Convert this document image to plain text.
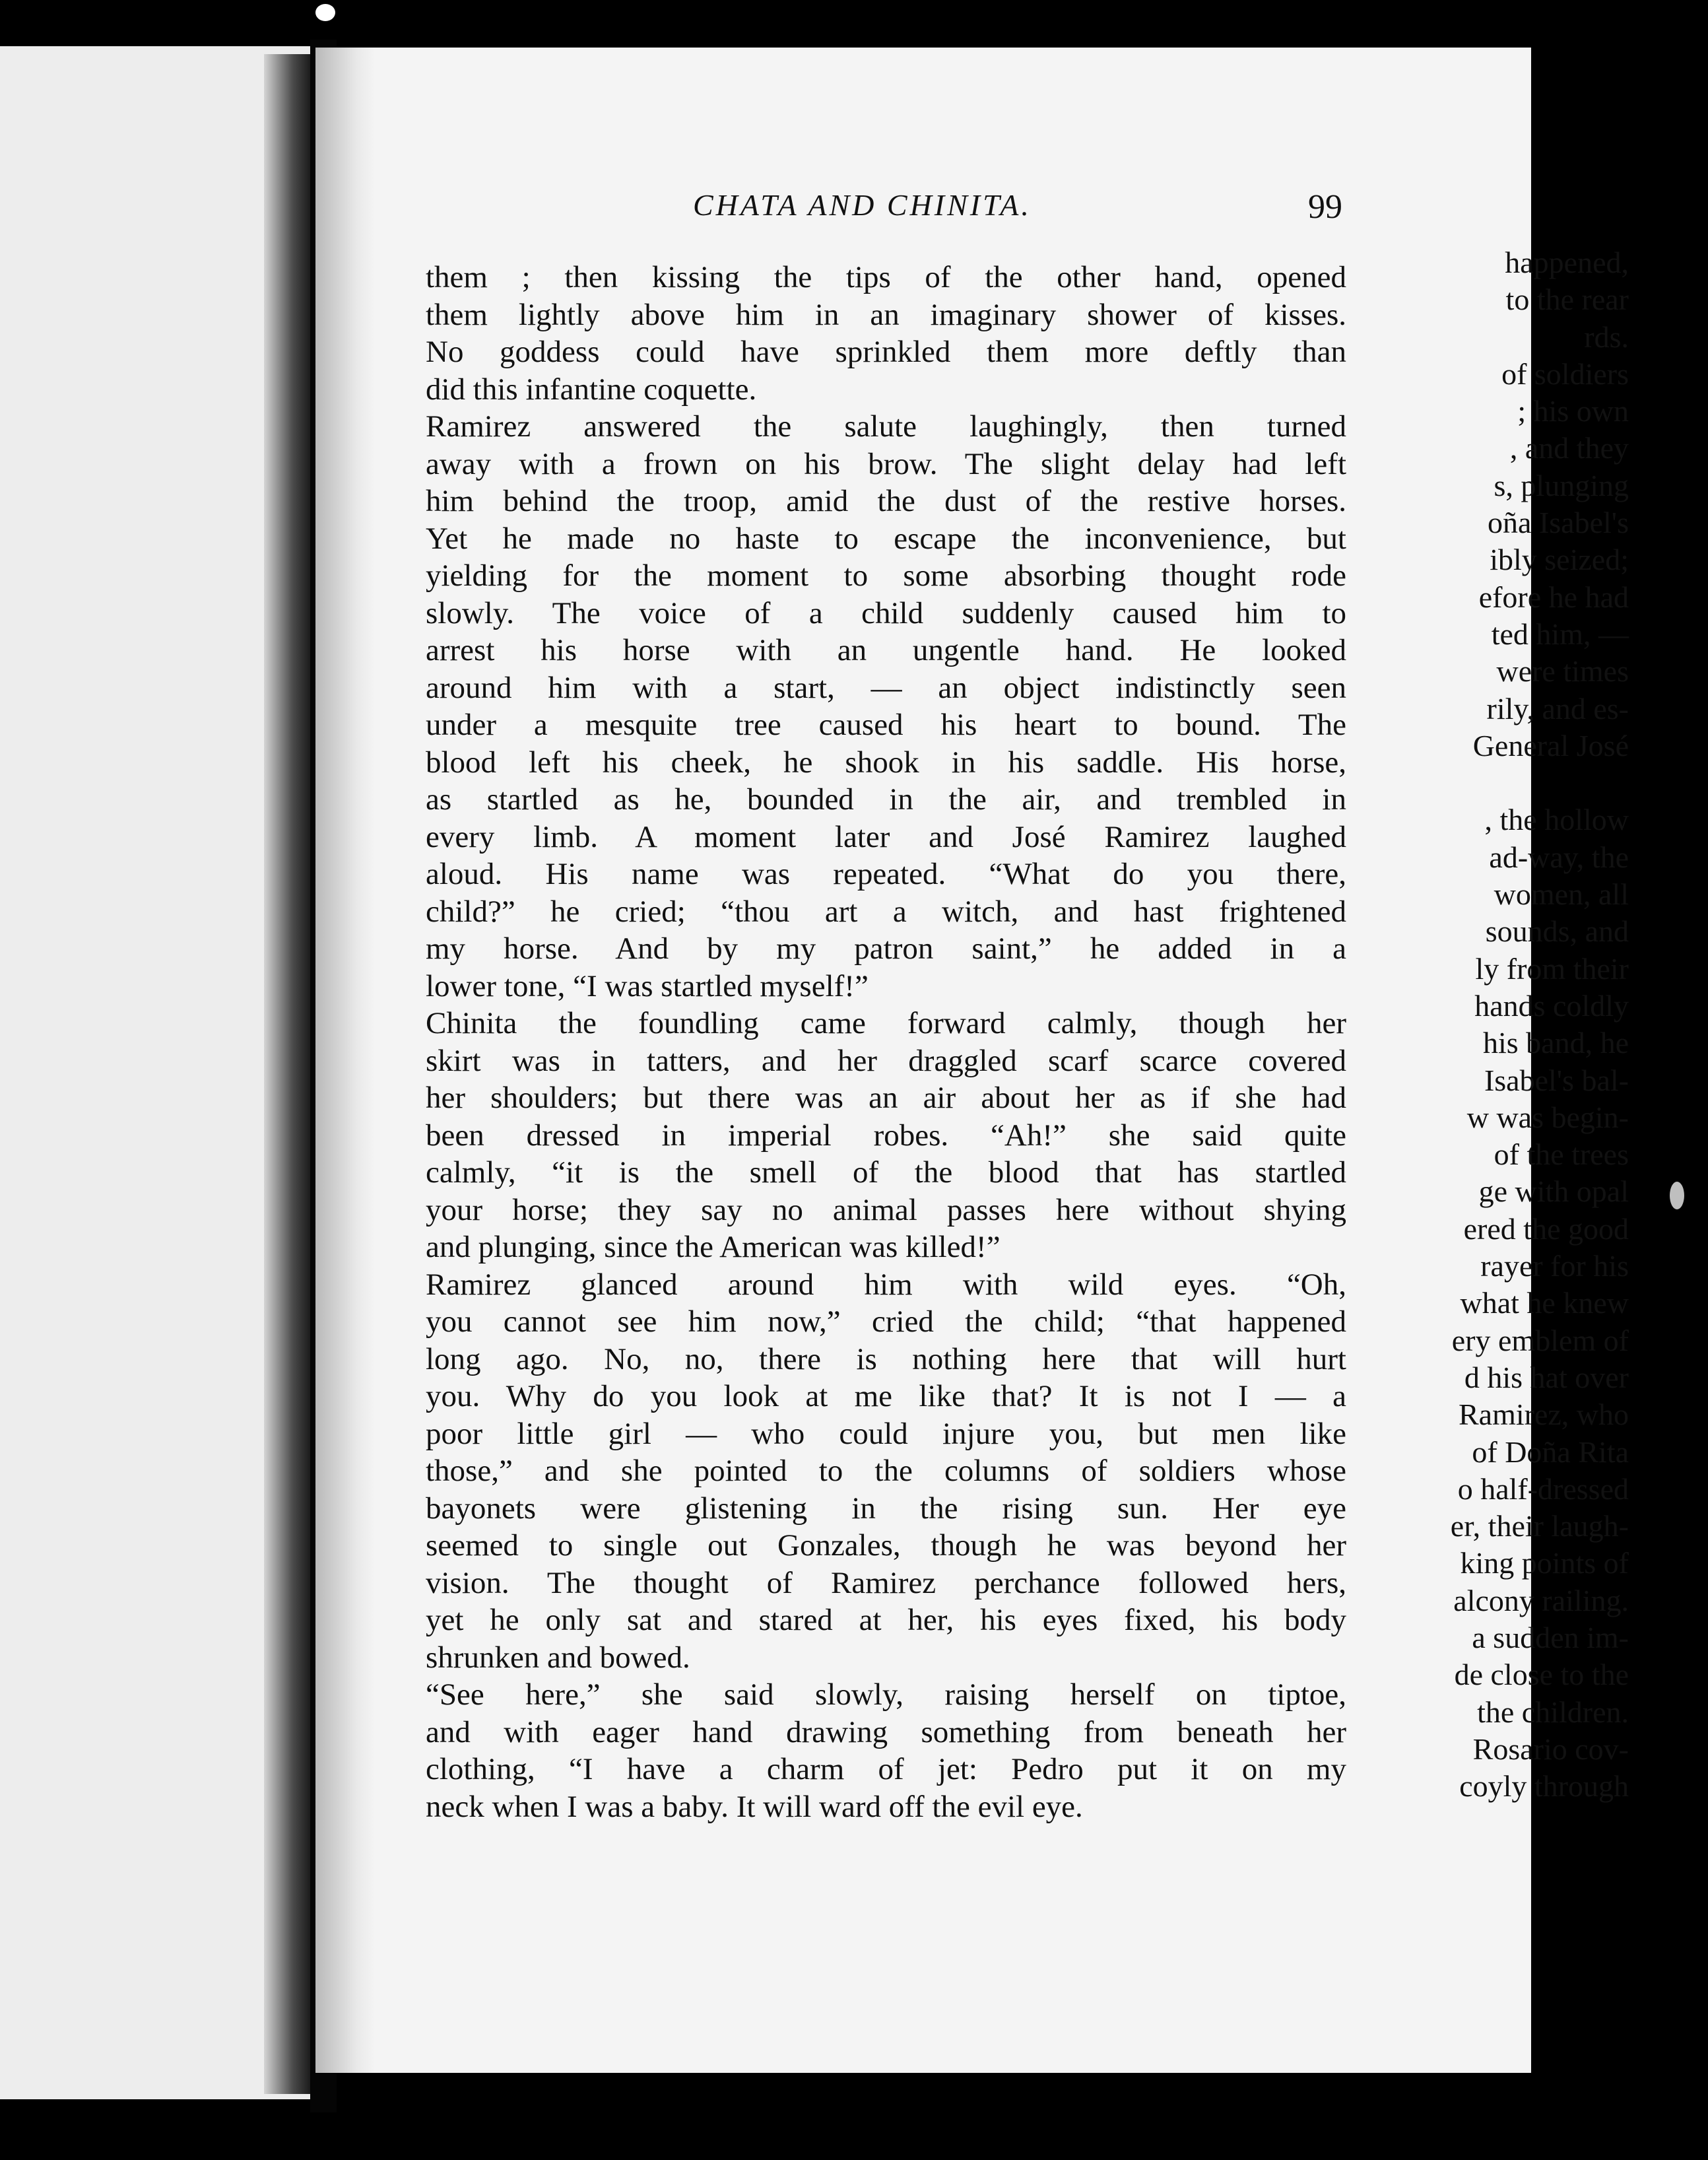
happened,
to the rear
rds.
of soldiers
; his own
, and they
s, plunging
oña Isabel's
ibly seized;
efore he had
ted him, —
were times
rily, and es-
General José
, the hollow
ad-way, the
women, all
sounds, and
ly from their
hands coldly
his band, he
Isabel's bal-
w was begin-
of the trees
ge with opal
ered the good
rayer for his
what he knew
ery emblem of
d his hat over
Ramirez, who
of Doña Rita
o half-dressed
er, their laugh-
king points of
alcony railing.
a sudden im-
de close to the
the children.
Rosario cov-
coyly through
CHATA AND CHINITA.	99
them ; then kissing the tips of the other hand, opened
them lightly above him in an imaginary shower of kisses.
No goddess could have sprinkled them more deftly than
did this infantine coquette.
Ramirez answered the salute laughingly, then turned
away with a frown on his brow. The slight delay had left
him behind the troop, amid the dust of the restive horses.
Yet he made no haste to escape the inconvenience, but
yielding for the moment to some absorbing thought rode
slowly. The voice of a child suddenly caused him to
arrest his horse with an ungentle hand. He looked
around him with a start, — an object indistinctly seen
under a mesquite tree caused his heart to bound. The
blood left his cheek, he shook in his saddle. His horse,
as startled as he, bounded in the air, and trembled in
every limb. A moment later and José Ramirez laughed
aloud. His name was repeated. “What do you there,
child?” he cried; “thou art a witch, and hast frightened
my horse. And by my patron saint,” he added in a
lower tone, “I was startled myself!”
Chinita the foundling came forward calmly, though her
skirt was in tatters, and her draggled scarf scarce covered
her shoulders; but there was an air about her as if she had
been dressed in imperial robes. “Ah!” she said quite
calmly, “it is the smell of the blood that has startled
your horse; they say no animal passes here without shying
and plunging, since the American was killed!”
Ramirez glanced around him with wild eyes. “Oh,
you cannot see him now,” cried the child; “that happened
long ago. No, no, there is nothing here that will hurt
you. Why do you look at me like that? It is not I — a
poor little girl — who could injure you, but men like
those,” and she pointed to the columns of soldiers whose
bayonets were glistening in the rising sun. Her eye
seemed to single out Gonzales, though he was beyond her
vision. The thought of Ramirez perchance followed hers,
yet he only sat and stared at her, his eyes fixed, his body
shrunken and bowed.
“See here,” she said slowly, raising herself on tiptoe,
and with eager hand drawing something from beneath her
clothing, “I have a charm of jet: Pedro put it on my
neck when I was a baby. It will ward off the evil eye.
